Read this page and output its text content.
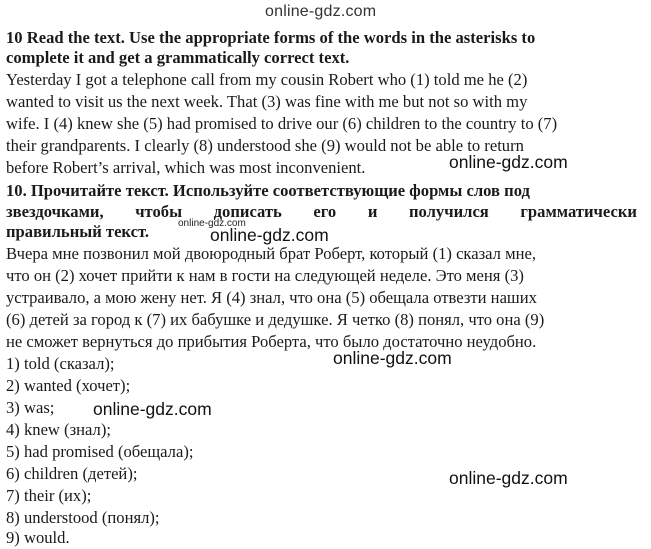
online-gdz.com
online-gdz.com
10 Read the text. Use the appropriate forms of the words in the asterisks to
complete it and get a grammatically correct text.
Yesterday I got a telephone call from my cousin Robert who (1) told me he (2)
wanted to visit us the next week. That (3) was fine with me but not so with my
wife. I (4) knew she (5) had promised to drive our (6) children to the country to (7)
their grandparents. I clearly (8) understood she (9) would not be able to return
before Robert’s arrival, which was most inconvenient.
10. Прочитайте текст. Используйте соответствующие формы слов под
звездочками, чтобы дописать его и получился грамматически
правильный текст.
Вчера мне позвонил мой двоюродный брат Роберт, который (1) сказал мне,
что он (2) хочет прийти к нам в гости на следующей неделе. Это меня (3)
устраивало, а мою жену нет. Я (4) знал, что она (5) обещала отвезти наших
(6) детей за город к (7) их бабушке и дедушке. Я четко (8) понял, что она (9)
не сможет вернуться до прибытия Роберта, что было достаточно неудобно.
1) told (сказал);
2) wanted (хочет);
3) was;
4) knew (знал);
5) had promised (обещала);
6) children (детей);
7) their (их);
8) understood (понял);
9) would.
online-gdz.com
online-gdz.com
online-gdz.com
online-gdz.com
online-gdz.com
